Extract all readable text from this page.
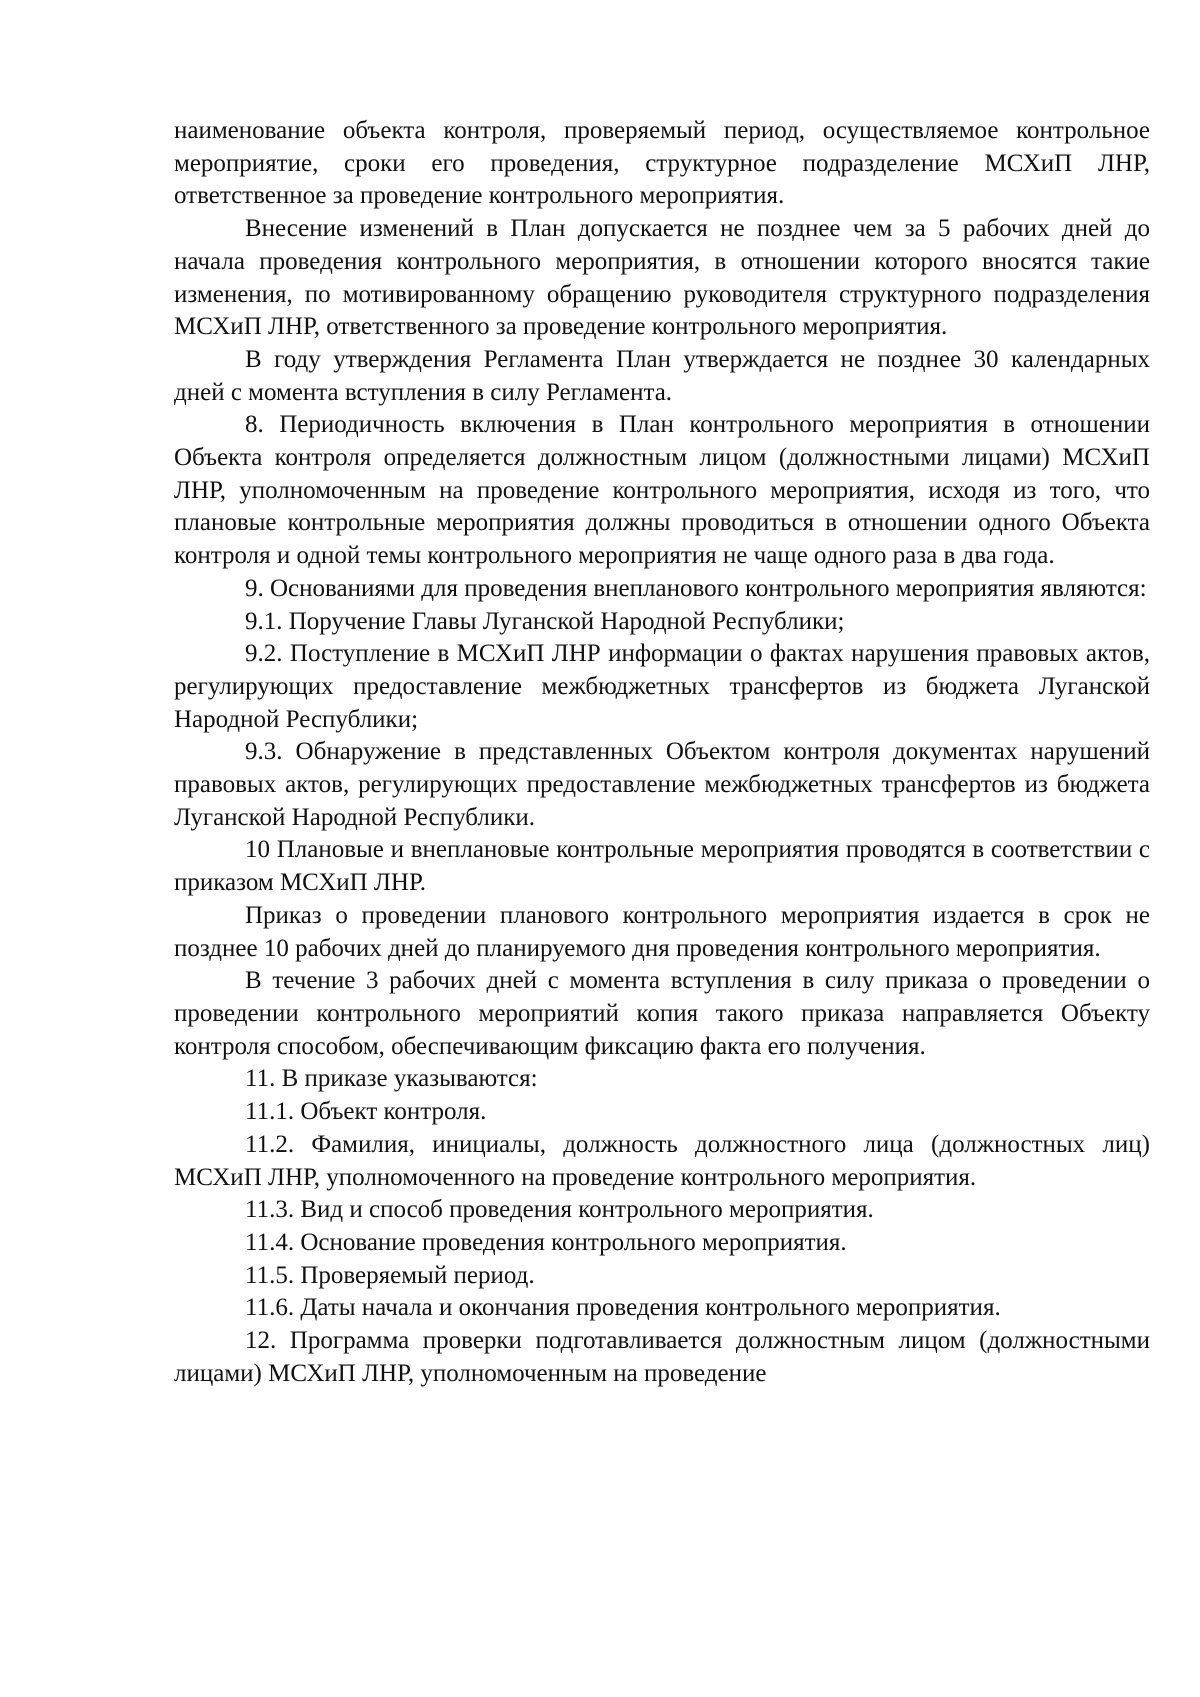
наименование объекта контроля, проверяемый период, осуществляемое контрольное мероприятие, сроки его проведения, структурное подразделение МСХиП ЛНР, ответственное за проведение контрольного мероприятия.

Внесение изменений в План допускается не позднее чем за 5 рабочих дней до начала проведения контрольного мероприятия, в отношении которого вносятся такие изменения, по мотивированному обращению руководителя структурного подразделения МСХиП ЛНР, ответственного за проведение контрольного мероприятия.

В году утверждения Регламента План утверждается не позднее 30 календарных дней с момента вступления в силу Регламента.

8. Периодичность включения в План контрольного мероприятия в отношении Объекта контроля определяется должностным лицом (должностными лицами) МСХиП ЛНР, уполномоченным на проведение контрольного мероприятия, исходя из того, что плановые контрольные мероприятия должны проводиться в отношении одного Объекта контроля и одной темы контрольного мероприятия не чаще одного раза в два года.

9. Основаниями для проведения внепланового контрольного мероприятия являются:

9.1. Поручение Главы Луганской Народной Республики;

9.2. Поступление в МСХиП ЛНР информации о фактах нарушения правовых актов, регулирующих предоставление межбюджетных трансфертов из бюджета Луганской Народной Республики;

9.3. Обнаружение в представленных Объектом контроля документах нарушений правовых актов, регулирующих предоставление межбюджетных трансфертов из бюджета Луганской Народной Республики.

10 Плановые и внеплановые контрольные мероприятия проводятся в соответствии с приказом МСХиП ЛНР.

Приказ о проведении планового контрольного мероприятия издается в срок не позднее 10 рабочих дней до планируемого дня проведения контрольного мероприятия.

В течение 3 рабочих дней с момента вступления в силу приказа о проведении о проведении контрольного мероприятий копия такого приказа направляется Объекту контроля способом, обеспечивающим фиксацию факта его получения.

11. В приказе указываются:

11.1. Объект контроля.

11.2. Фамилия, инициалы, должность должностного лица (должностных лиц) МСХиП ЛНР, уполномоченного на проведение контрольного мероприятия.

11.3. Вид и способ проведения контрольного мероприятия.

11.4. Основание проведения контрольного мероприятия.

11.5. Проверяемый период.

11.6. Даты начала и окончания проведения контрольного мероприятия.

12. Программа проверки подготавливается должностным лицом (должностными лицами) МСХиП ЛНР, уполномоченным на проведение
